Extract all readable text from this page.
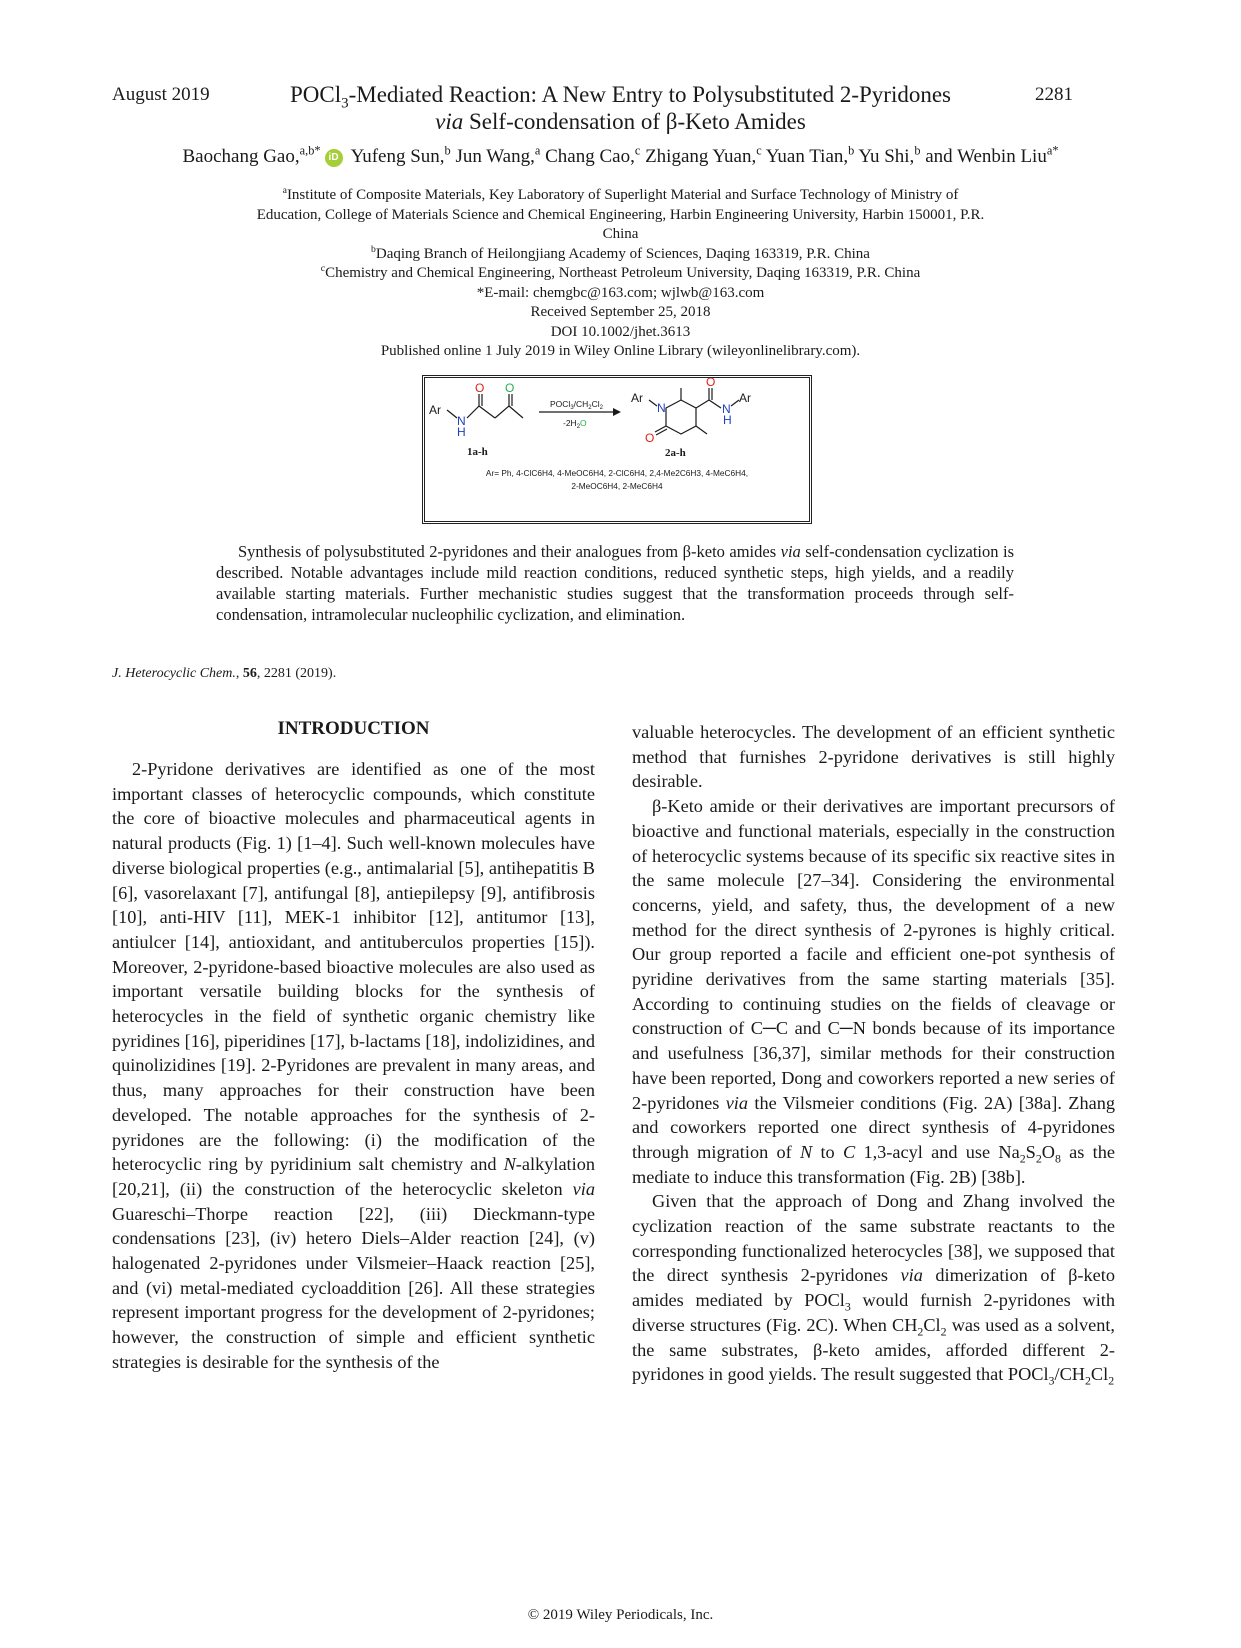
August 2019	2281
POCl$_3$-Mediated Reaction: A New Entry to Polysubstituted 2-Pyridones
via Self-condensation of β-Keto Amides
Baochang Gao,$^{a,b*}$ iD Yufeng Sun,$^b$ Jun Wang,$^a$ Chang Cao,$^c$ Zhigang Yuan,$^c$ Yuan Tian,$^b$ Yu Shi,$^b$ and Wenbin Liu$^{a*}$
$^a$Institute of Composite Materials, Key Laboratory of Superlight Material and Surface Technology of Ministry of
Education, College of Materials Science and Chemical Engineering, Harbin Engineering University, Harbin 150001, P.R.
China
$^b$Daqing Branch of Heilongjiang Academy of Sciences, Daqing 163319, P.R. China
$^c$Chemistry and Chemical Engineering, Northeast Petroleum University, Daqing 163319, P.R. China
*E-mail: chemgbc@163.com; wjlwb@163.com
Received September 25, 2018
DOI 10.1002/jhet.3613
Published online 1 July 2019 in Wiley Online Library (wileyonlinelibrary.com).
Ar
N
H
O O
$POCl_3/CH_2Cl_2$
$-2H_2O$
Ar
N
O
O
N
H
Ar
1a-h	2a-h
Ar= Ph, 4-ClC6H4, 4-MeOC6H4, 2-ClC6H4, 2,4-Me2C6H3, 4-MeC6H4,
2-MeOC6H4, 2-MeC6H4
Synthesis of polysubstituted 2-pyridones and their analogues from β-keto amides via self-condensation cyclization is described. Notable advantages include mild reaction conditions, reduced synthetic steps, high yields, and a readily available starting materials. Further mechanistic studies suggest that the transformation proceeds through self-condensation, intramolecular nucleophilic cyclization, and elimination.
J. Heterocyclic Chem., 56, 2281 (2019).
INTRODUCTION

2-Pyridone derivatives are identified as one of the most important classes of heterocyclic compounds, which constitute the core of bioactive molecules and pharmaceutical agents in natural products (Fig. 1) [1–4]. Such well-known molecules have diverse biological properties (e.g., antimalarial [5], antihepatitis B [6], vasorelaxant [7], antifungal [8], antiepilepsy [9], antifibrosis [10], anti-HIV [11], MEK-1 inhibitor [12], antitumor [13], antiulcer [14], antioxidant, and antituberculos properties [15]). Moreover, 2-pyridone-based bioactive molecules are also used as important versatile building blocks for the synthesis of heterocycles in the field of synthetic organic chemistry like pyridines [16], piperidines [17], b-lactams [18], indolizidines, and quinolizidines [19]. 2-Pyridones are prevalent in many areas, and thus, many approaches for their construction have been developed. The notable approaches for the synthesis of 2-pyridones are the following: (i) the modification of the heterocyclic ring by pyridinium salt chemistry and N-alkylation [20,21], (ii) the construction of the heterocyclic skeleton via Guareschi–Thorpe reaction [22], (iii) Dieckmann-type condensations [23], (iv) hetero Diels–Alder reaction [24], (v) halogenated 2-pyridones under Vilsmeier–Haack reaction [25], and (vi) metal-mediated cycloaddition [26]. All these strategies represent important progress for the development of 2-pyridones; however, the construction of simple and efficient synthetic strategies is desirable for the synthesis of the

valuable heterocycles. The development of an efficient synthetic method that furnishes 2-pyridone derivatives is still highly desirable.

β-Keto amide or their derivatives are important precursors of bioactive and functional materials, especially in the construction of heterocyclic systems because of its specific six reactive sites in the same molecule [27–34]. Considering the environmental concerns, yield, and safety, thus, the development of a new method for the direct synthesis of 2-pyrones is highly critical. Our group reported a facile and efficient one-pot synthesis of pyridine derivatives from the same starting materials [35]. According to continuing studies on the fields of cleavage or construction of C─C and C─N bonds because of its importance and usefulness [36,37], similar methods for their construction have been reported, Dong and coworkers reported a new series of 2-pyridones via the Vilsmeier conditions (Fig. 2A) [38a]. Zhang and coworkers reported one direct synthesis of 4-pyridones through migration of N to C 1,3-acyl and use $Na_2S_2O_8$ as the mediate to induce this transformation (Fig. 2B) [38b].

Given that the approach of Dong and Zhang involved the cyclization reaction of the same substrate reactants to the corresponding functionalized heterocycles [38], we supposed that the direct synthesis 2-pyridones via dimerization of β-keto amides mediated by POCl$_3$ would furnish 2-pyridones with diverse structures (Fig. 2C). When $CH_2Cl_2$ was used as a solvent, the same substrates, β-keto amides, afforded different 2-pyridones in good yields. The result suggested that $POCl_3/CH_2Cl_2$

© 2019 Wiley Periodicals, Inc.
